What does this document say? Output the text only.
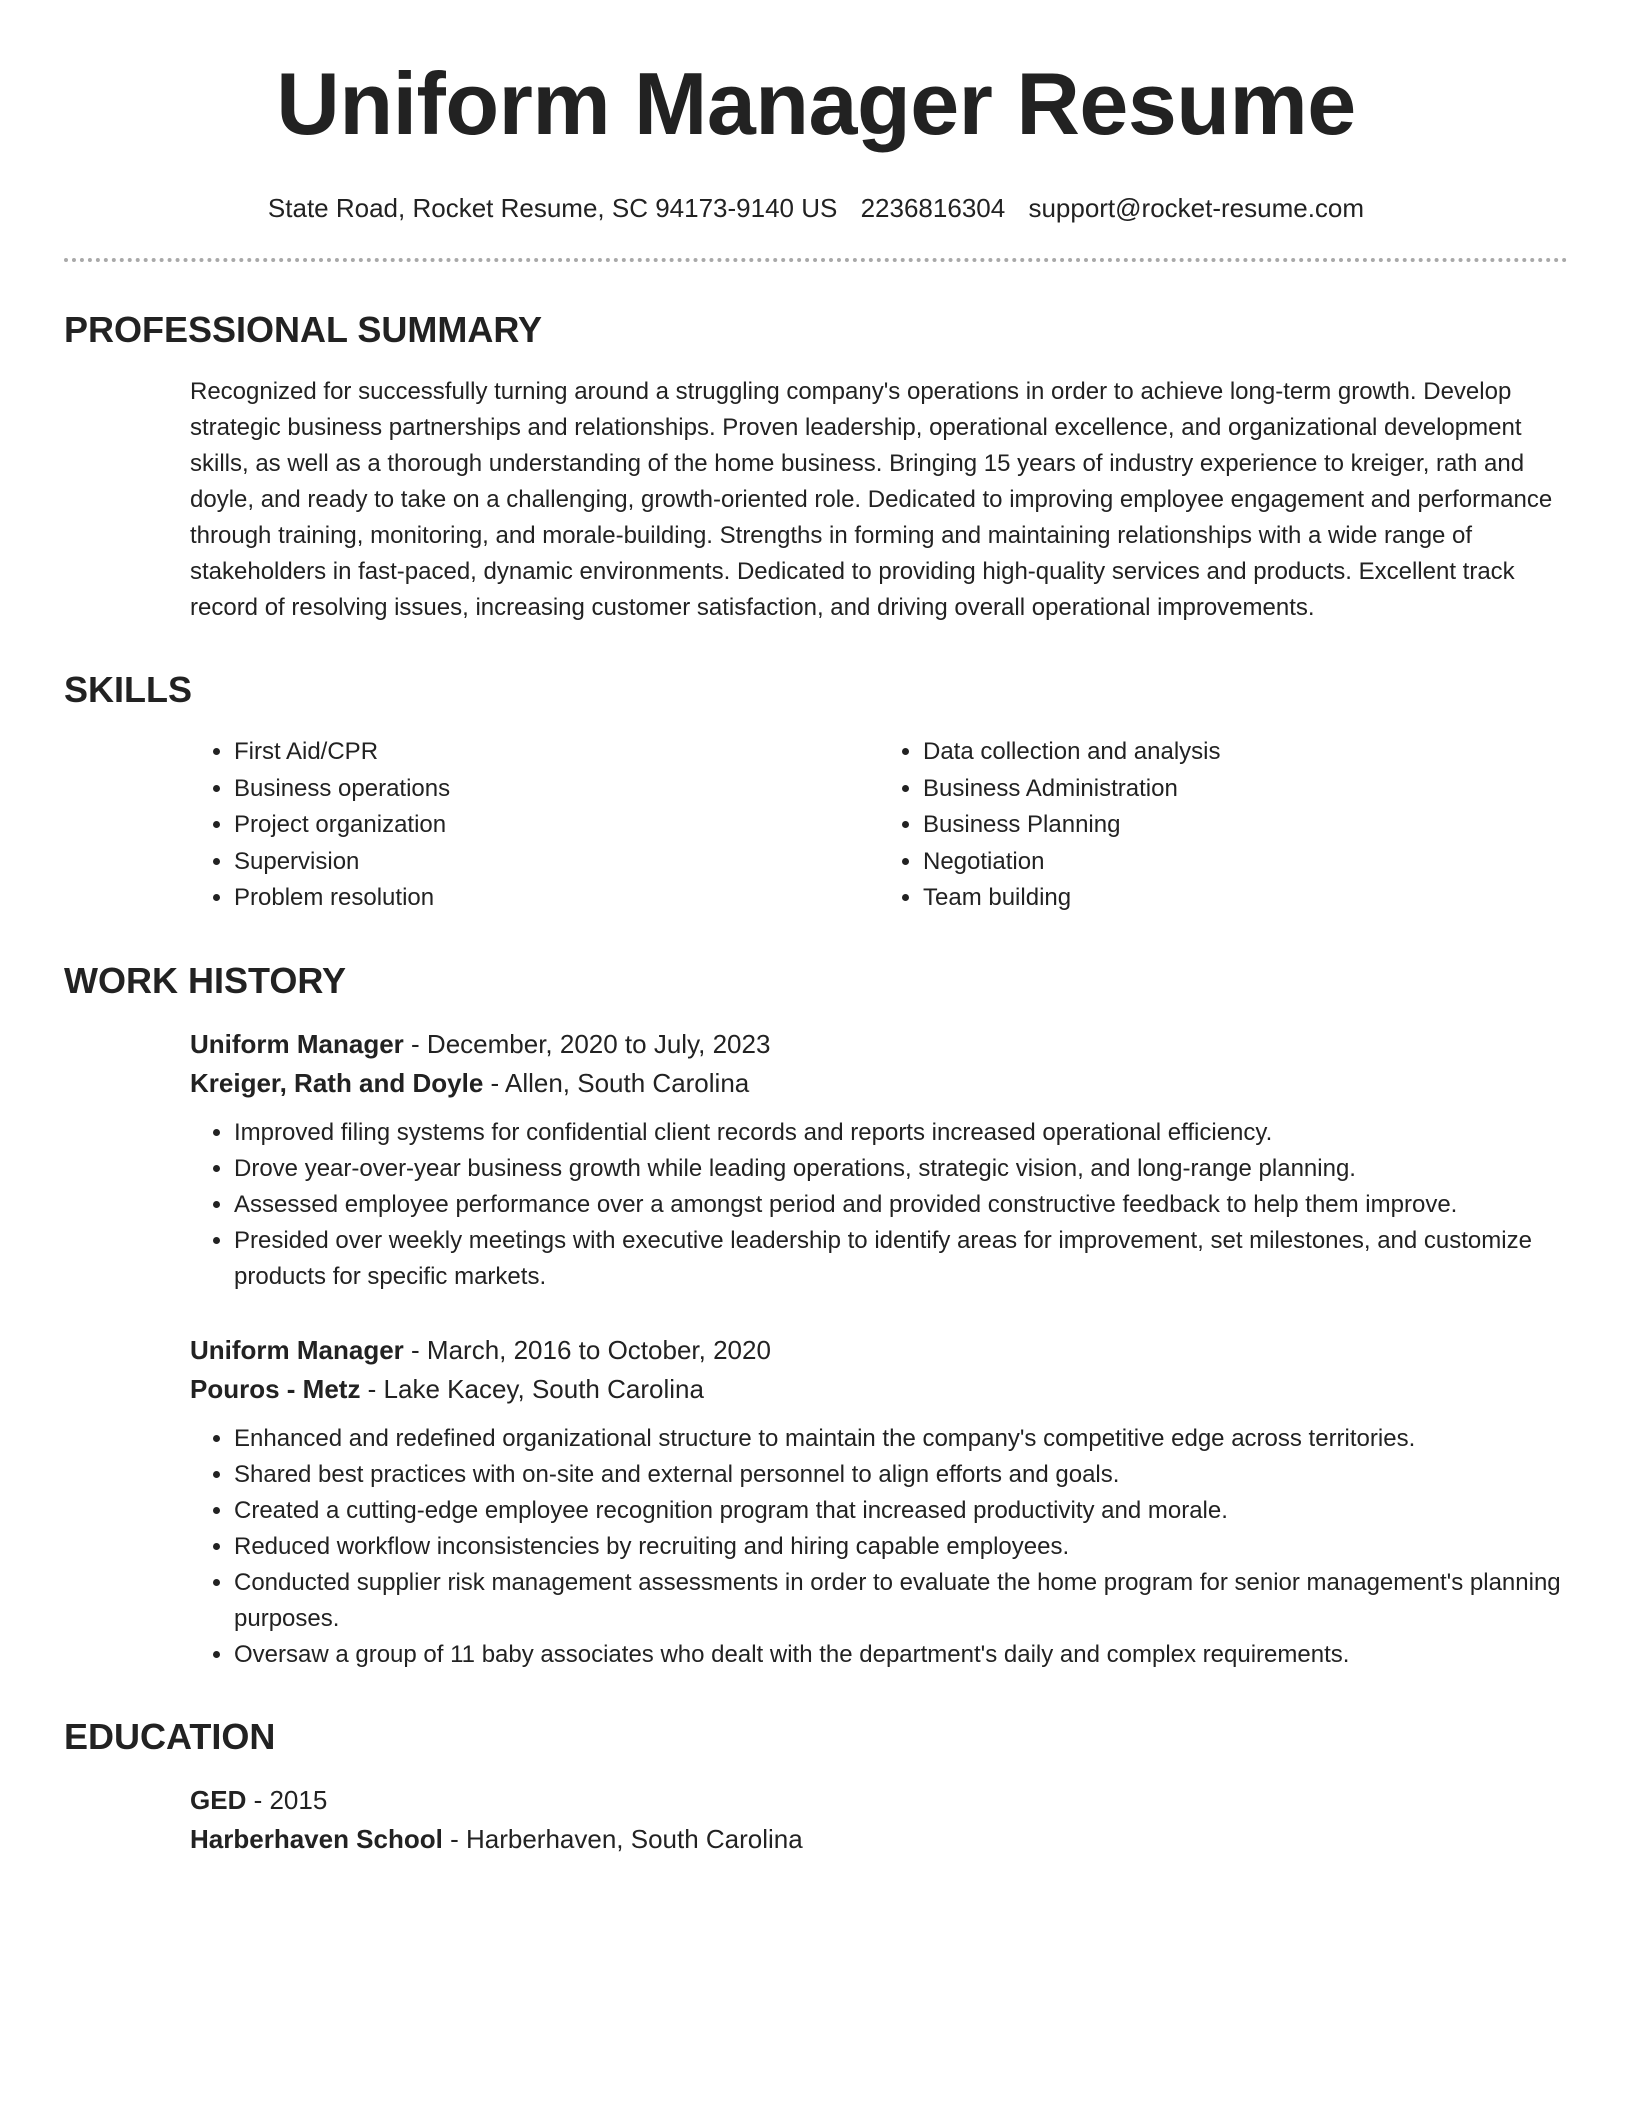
Uniform Manager Resume
State Road, Rocket Resume, SC 94173-9140 US 2236816304 support@rocket-resume.com
PROFESSIONAL SUMMARY
Recognized for successfully turning around a struggling company's operations in order to achieve long-term growth. Develop strategic business partnerships and relationships. Proven leadership, operational excellence, and organizational development skills, as well as a thorough understanding of the home business. Bringing 15 years of industry experience to kreiger, rath and doyle, and ready to take on a challenging, growth-oriented role. Dedicated to improving employee engagement and performance through training, monitoring, and morale-building. Strengths in forming and maintaining relationships with a wide range of stakeholders in fast-paced, dynamic environments. Dedicated to providing high-quality services and products. Excellent track record of resolving issues, increasing customer satisfaction, and driving overall operational improvements.
SKILLS
• First Aid/CPR
• Business operations
• Project organization
• Supervision
• Problem resolution
• Data collection and analysis
• Business Administration
• Business Planning
• Negotiation
• Team building
WORK HISTORY
Uniform Manager - December, 2020 to July, 2023
Kreiger, Rath and Doyle - Allen, South Carolina
• Improved filing systems for confidential client records and reports increased operational efficiency.
• Drove year-over-year business growth while leading operations, strategic vision, and long-range planning.
• Assessed employee performance over a amongst period and provided constructive feedback to help them improve.
• Presided over weekly meetings with executive leadership to identify areas for improvement, set milestones, and customize products for specific markets.
Uniform Manager - March, 2016 to October, 2020
Pouros - Metz - Lake Kacey, South Carolina
• Enhanced and redefined organizational structure to maintain the company's competitive edge across territories.
• Shared best practices with on-site and external personnel to align efforts and goals.
• Created a cutting-edge employee recognition program that increased productivity and morale.
• Reduced workflow inconsistencies by recruiting and hiring capable employees.
• Conducted supplier risk management assessments in order to evaluate the home program for senior management's planning purposes.
• Oversaw a group of 11 baby associates who dealt with the department's daily and complex requirements.
EDUCATION
GED - 2015
Harberhaven School - Harberhaven, South Carolina
